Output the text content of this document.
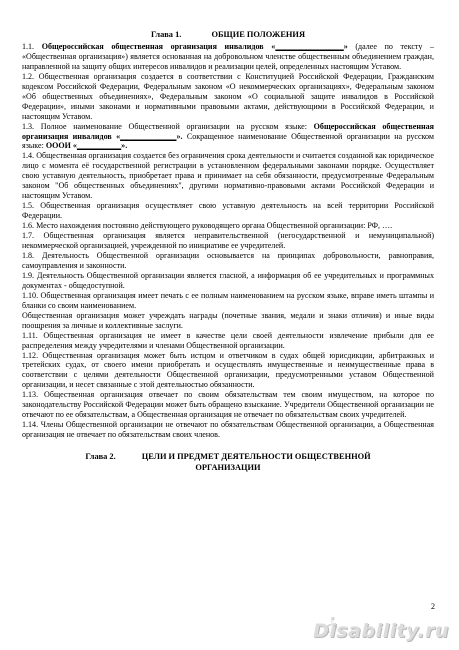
Глава 1.	ОБЩИЕ ПОЛОЖЕНИЯ

1.1. Общероссийская общественная организация инвалидов «_________________» (далее по тексту – «Общественная организация») является основанная на добровольном членстве общественным объединением граждан, направленной на защиту общих интересов инвалидов и реализации целей, определенных настоящим Уставом.

1.2. Общественная организация создается в соответствии с Конституцией Российской Федерации, Гражданским кодексом Российской Федерации, Федеральным законом «О некоммерческих организациях», Федеральным законом «Об общественных объединениях», Федеральным законом «О социальной защите инвалидов в Российской Федерации», иными законами и нормативными правовыми актами, действующими в Российской Федерации, и настоящим Уставом.

1.3. Полное наименование Общественной организации на русском языке: Общероссийская общественная организация инвалидов «______________». Сокращенное наименование Общественной организации на русском языке: ОООИ «___________».

1.4. Общественная организация создается без ограничения срока деятельности и считается созданной как юридическое лицо с момента её государственной регистрации в установленном федеральными законами порядке. Осуществляет свою уставную деятельность, приобретает права и принимает на себя обязанности, предусмотренные Федеральным законом "Об общественных объединениях", другими нормативно-правовыми актами Российской Федерации и настоящим Уставом.

1.5. Общественная организация осуществляет свою уставную деятельность на всей территории Российской Федерации.

1.6. Место нахождения постоянно действующего руководящего органа Общественной организации: РФ, ….

1.7. Общественная организация является неправительственной (негосударственной и немуниципальной) некоммерческой организацией, учрежденной по инициативе ее учредителей.

1.8. Деятельность Общественной организации основывается на принципах добровольности, равноправия, самоуправления и законности.

1.9. Деятельность Общественной организации является гласной, а информация об ее учредительных и программных документах - общедоступной.

1.10. Общественная организация имеет печать с ее полным наименованием на русском языке, вправе иметь штампы и бланки со своим наименованием.

Общественная организация может учреждать награды (почетные звания, медали и знаки отличия) и иные виды поощрения за личные и коллективные заслуги.

1.11. Общественная организация не имеет в качестве цели своей деятельности извлечение прибыли для ее распределения между учредителями и членами Общественной организации.

1.12. Общественная организация может быть истцом и ответчиком в судах общей юрисдикции, арбитражных и третейских судах, от своего имени приобретать и осуществлять имущественные и неимущественные права в соответствии с целями деятельности Общественной организации, предусмотренными уставом Общественной организации, и несет связанные с этой деятельностью обязанности.

1.13. Общественная организация отвечает по своим обязательствам тем своим имуществом, на которое по законодательству Российской Федерации может быть обращено взыскание. Учредители Общественной организации не отвечают по ее обязательствам, а Общественная организация не отвечает по обязательствам своих учредителей.

1.14. Члены Общественной организации не отвечают по обязательствам Общественной организации, а Общественная организация не отвечает по обязательствам своих членов.

Глава 2.	ЦЕЛИ И ПРЕДМЕТ ДЕЯТЕЛЬНОСТИ ОБЩЕСТВЕННОЙ
ОРГАНИЗАЦИИ
2
Disability.ru
